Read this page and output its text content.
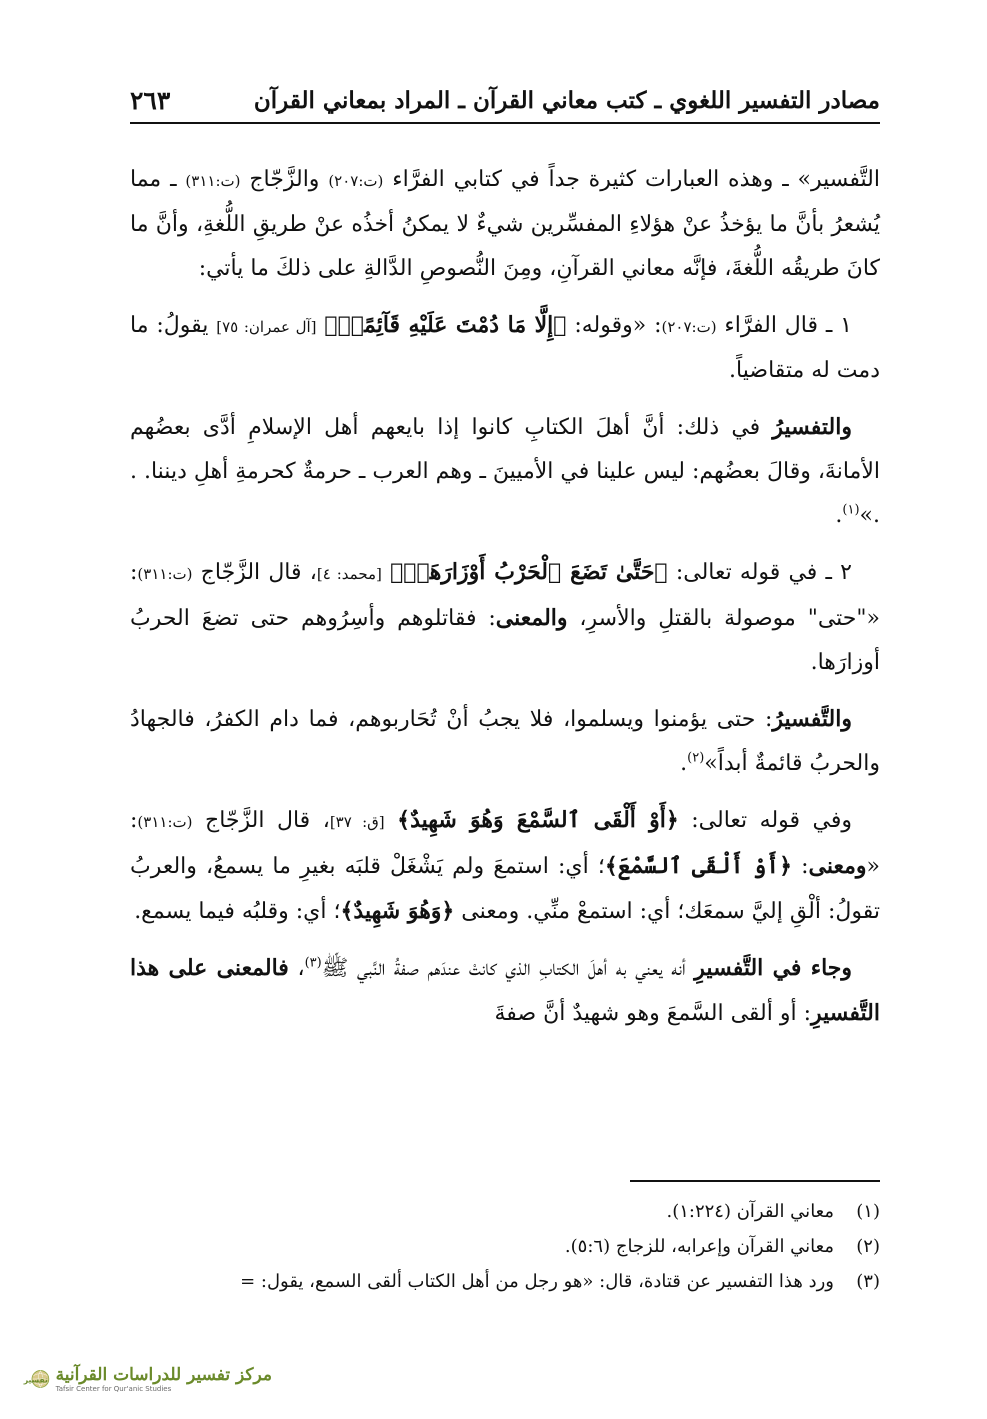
مصادر التفسير اللغوي ـ كتب معاني القرآن ـ المراد بمعاني القرآن
٢٦٣

التَّفسير» ـ وهذه العبارات كثيرة جداً في كتابي الفرَّاء (ت:٢٠٧) والزَّجّاج (ت:٣١١) ـ مما يُشعرُ بأنَّ ما يؤخذُ عنْ هؤلاءِ المفسِّرين شيءٌ لا يمكنُ أخذُه عنْ طريقِ اللُّغةِ، وأنَّ ما كانَ طريقُه اللُّغةَ، فإنَّه معاني القرآنِ، ومِنَ النُّصوصِ الدَّالةِ على ذلكَ ما يأتي:

١ ـ قال الفرَّاء (ت:٢٠٧): «وقوله: ﴿إِلَّا مَا دُمْتَ عَلَيْهِ قَآئِمًاۗ﴾ [آل عمران: ٧٥] يقولُ: ما دمت له متقاضياً.

والتفسيرُ في ذلك: أنَّ أهلَ الكتابِ كانوا إذا بايعهم أهل الإسلامِ أدَّى بعضُهم الأمانةَ، وقالَ بعضُهم: ليس علينا في الأميينَ ـ وهم العرب ـ حرمةٌ كحرمةِ أهلِ ديننا. . .»$^{(١)}$.

٢ ـ في قوله تعالى: ﴿حَتَّىٰ تَضَعَ ٱلْحَرْبُ أَوْزَارَهَاۚ﴾ [محمد: ٤]، قال الزَّجّاج (ت:٣١١): «"حتى" موصولة بالقتلِ والأسرِ، والمعنى: فقاتلوهم وأسِرُوهم حتى تضعَ الحربُ أوزارَها.

والتَّفسيرُ: حتى يؤمنوا ويسلموا، فلا يجبُ أنْ تُحَاربوهم، فما دام الكفرُ، فالجهادُ والحربُ قائمةٌ أبداً»$^{(٢)}$.

وفي قوله تعالى: ﴿أَوْ أَلْقَى ٱلسَّمْعَ وَهُوَ شَهِيدٌ﴾ [ق: ٣٧]، قال الزَّجّاج (ت:٣١١): «ومعنى: ﴿أَوْ أَلْقَى ٱلسَّمْعَ﴾؛ أي: استمعَ ولم يَشْغَلْ قلبَه بغيرِ ما يسمعُ، والعربُ تقولُ: ألْقِ إليَّ سمعَك؛ أي: استمعْ منِّي. ومعنى ﴿وَهُوَ شَهِيدٌ﴾؛ أي: وقلبُه فيما يسمع.

وجاء في التَّفسيرِ أنه يعني به أهلَ الكتابِ الذي كانتْ عندَهم صفةُ النَّبي ﷺ$^{(٣)}$، فالمعنى على هذا التَّفسيرِ: أو ألقى السَّمعَ وهو شهيدٌ أنَّ صفةَ

(١)
معاني القرآن (١:٢٢٤).
(٢)
معاني القرآن وإعرابه، للزجاج (٥:٦).
(٣)
ورد هذا التفسير عن قتادة، قال: «هو رجل من أهل الكتاب ألقى السمع، يقول: =
تفسير مركز تفسير للدراسات القرآنية
Tafsir Center for Qur'anic Studies
